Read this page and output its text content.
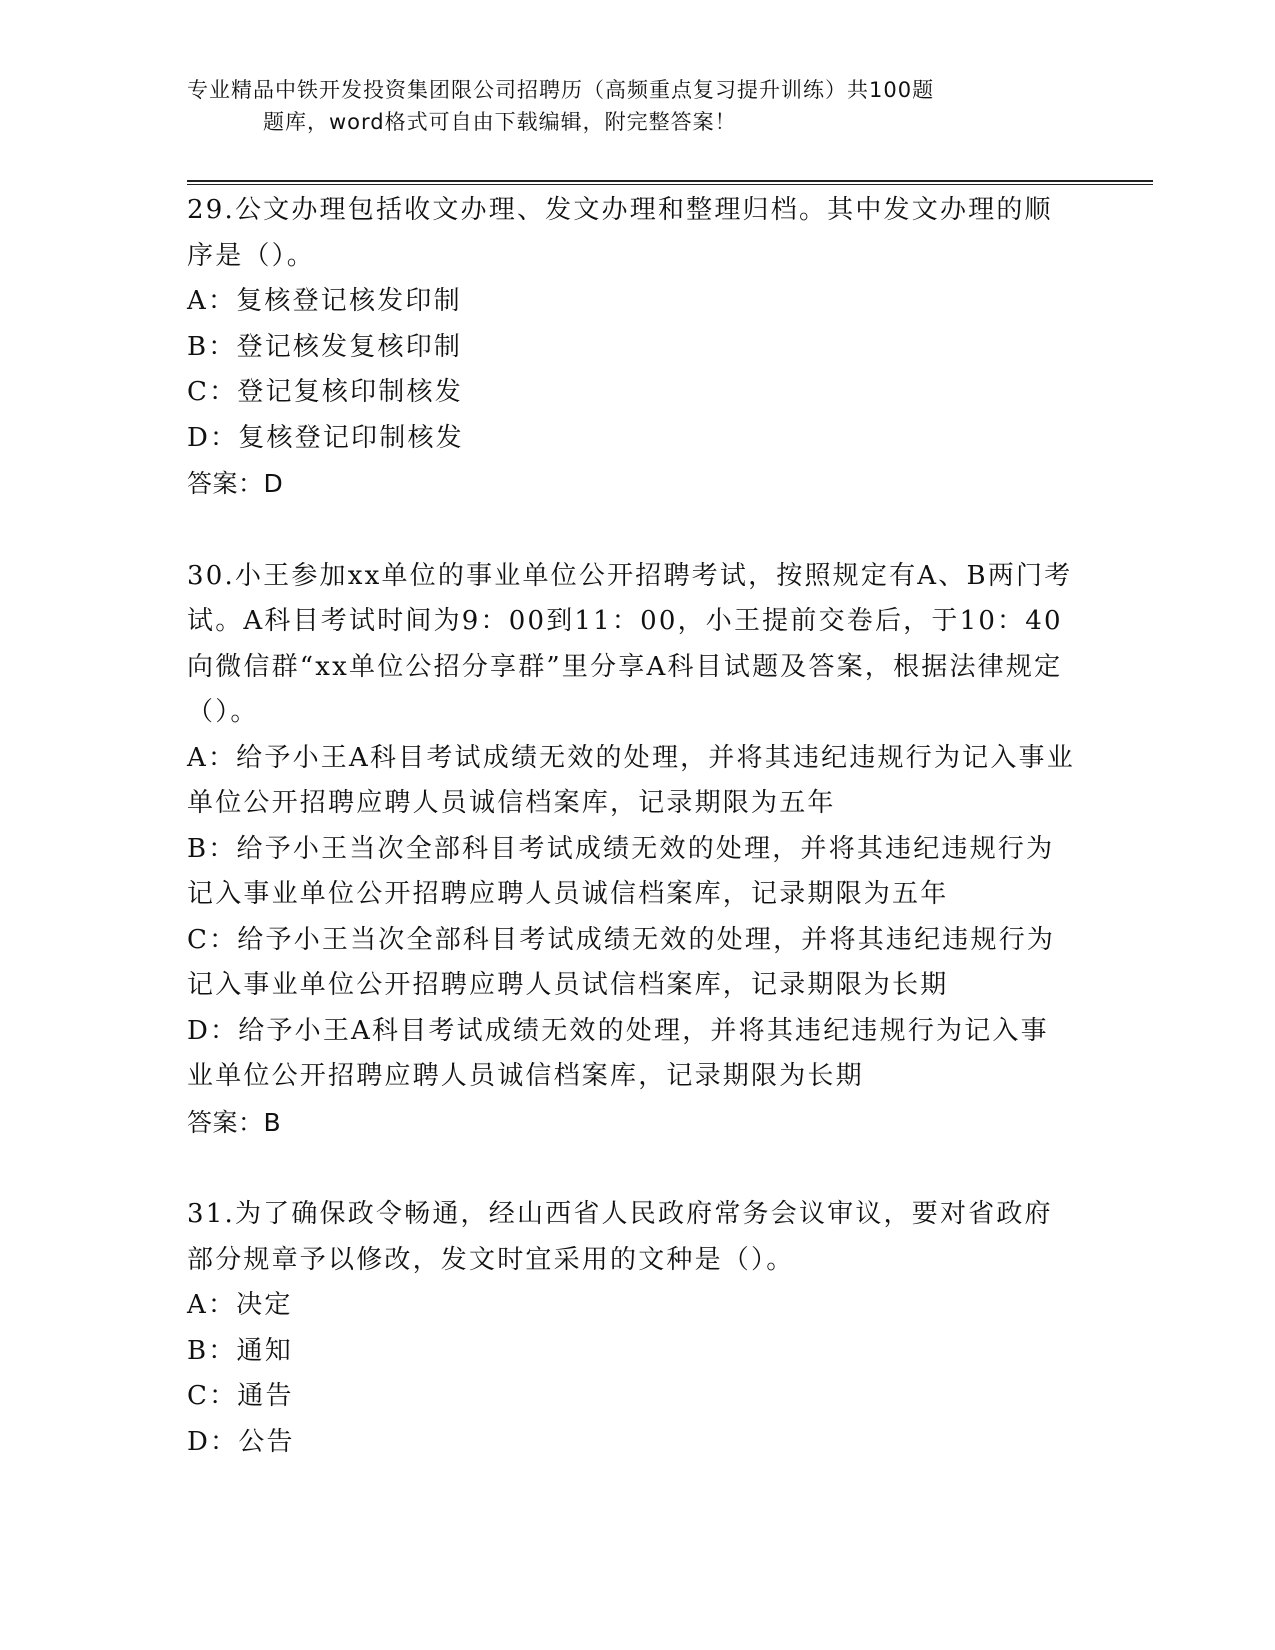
专业精品中铁开发投资集团限公司招聘历（高频重点复习提升训练）共100题
题库，word格式可自由下载编辑，附完整答案！

29.公文办理包括收文办理、发文办理和整理归档。其中发文办理的顺序是（）。

A：复核登记核发印制

B：登记核发复核印制

C：登记复核印制核发

D：复核登记印制核发

答案：D

30.小王参加xx单位的事业单位公开招聘考试，按照规定有A、B两门考试。A科目考试时间为9：00到11：00，小王提前交卷后，于10：40向微信群“xx单位公招分享群”里分享A科目试题及答案，根据法律规定（）。

A：给予小王A科目考试成绩无效的处理，并将其违纪违规行为记入事业单位公开招聘应聘人员诚信档案库，记录期限为五年

B：给予小王当次全部科目考试成绩无效的处理，并将其违纪违规行为记入事业单位公开招聘应聘人员诚信档案库，记录期限为五年

C：给予小王当次全部科目考试成绩无效的处理，并将其违纪违规行为记入事业单位公开招聘应聘人员试信档案库，记录期限为长期

D：给予小王A科目考试成绩无效的处理，并将其违纪违规行为记入事业单位公开招聘应聘人员诚信档案库，记录期限为长期

答案：B

31.为了确保政令畅通，经山西省人民政府常务会议审议，要对省政府部分规章予以修改，发文时宜采用的文种是（）。

A：决定

B：通知

C：通告

D：公告
